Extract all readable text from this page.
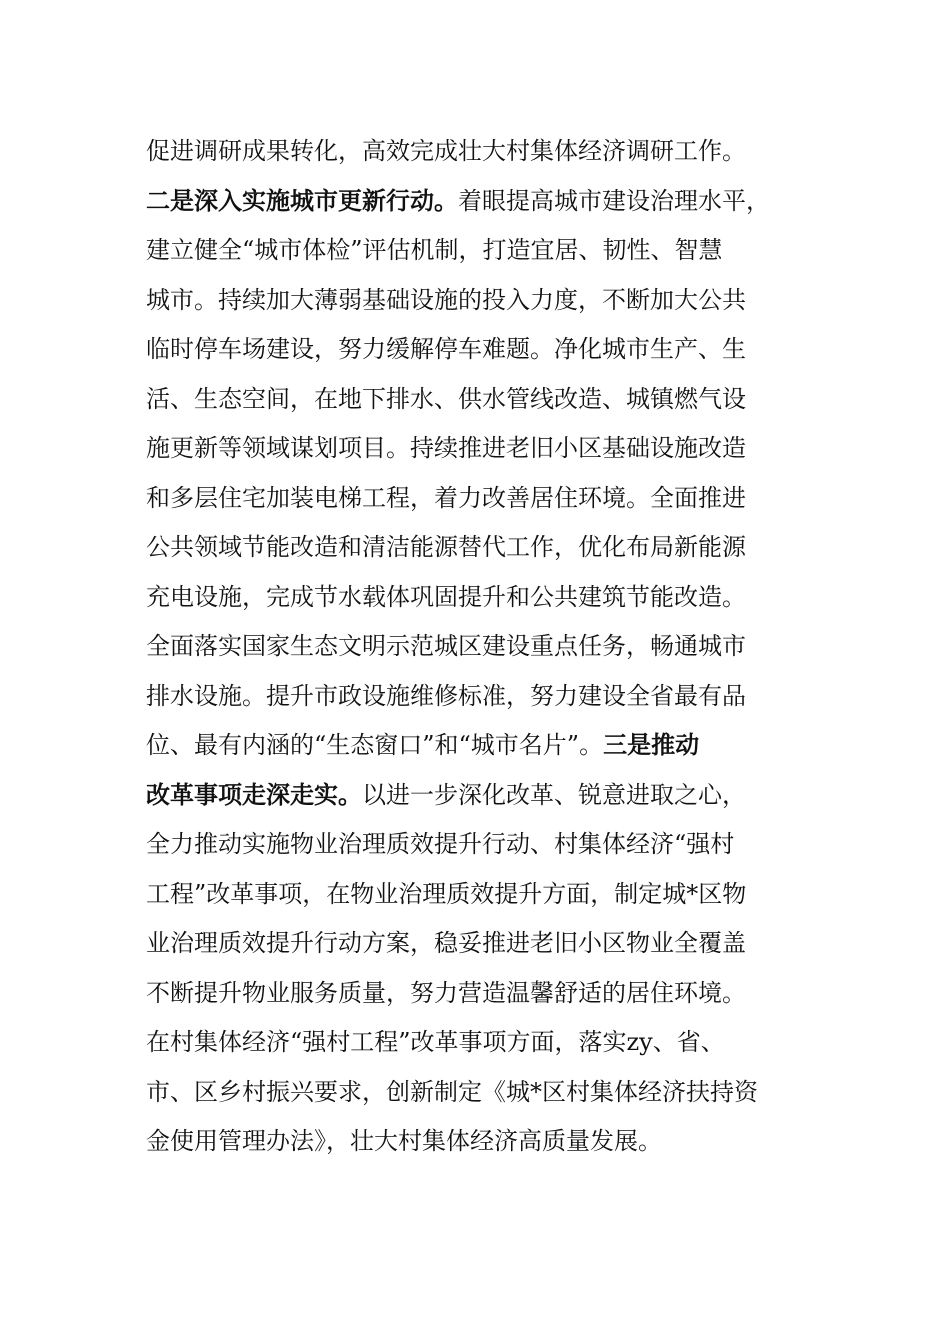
促进调研成果转化，高效完成壮大村集体经济调研工作。
二是深入实施城市更新行动。着眼提高城市建设治理水平，
建立健全“城市体检”评估机制，打造宜居、韧性、智慧
城市。持续加大薄弱基础设施的投入力度，不断加大公共
临时停车场建设，努力缓解停车难题。净化城市生产、生
活、生态空间，在地下排水、供水管线改造、城镇燃气设
施更新等领域谋划项目。持续推进老旧小区基础设施改造
和多层住宅加装电梯工程，着力改善居住环境。全面推进
公共领域节能改造和清洁能源替代工作，优化布局新能源
充电设施，完成节水载体巩固提升和公共建筑节能改造。
全面落实国家生态文明示范城区建设重点任务，畅通城市
排水设施。提升市政设施维修标准，努力建设全省最有品
位、最有内涵的“生态窗口”和“城市名片”。三是推动
改革事项走深走实。以进一步深化改革、锐意进取之心，
全力推动实施物业治理质效提升行动、村集体经济“强村
工程”改革事项，在物业治理质效提升方面，制定城*区物
业治理质效提升行动方案，稳妥推进老旧小区物业全覆盖
不断提升物业服务质量，努力营造温馨舒适的居住环境。
在村集体经济“强村工程”改革事项方面，落实zy、省、
市、区乡村振兴要求，创新制定《城*区村集体经济扶持资
金使用管理办法》，壮大村集体经济高质量发展。
